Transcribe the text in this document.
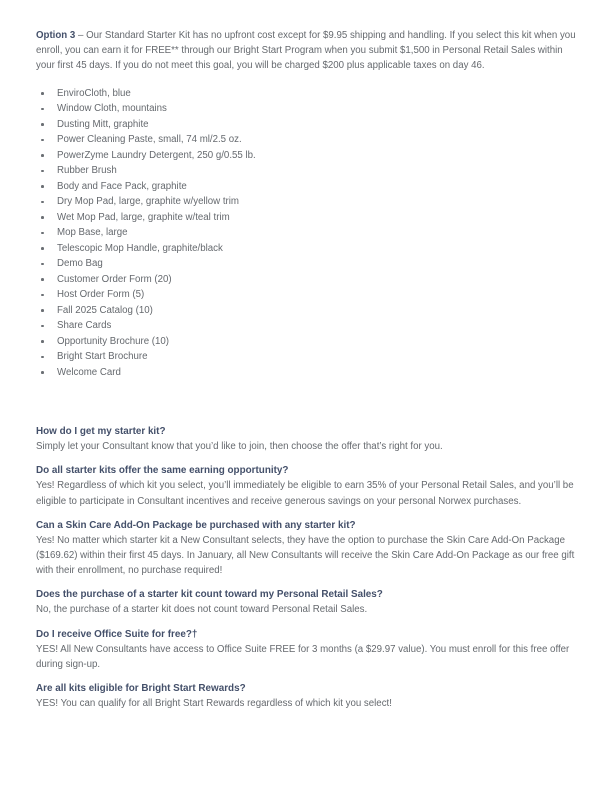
Option 3 – Our Standard Starter Kit has no upfront cost except for $9.95 shipping and handling. If you select this kit when you enroll, you can earn it for FREE** through our Bright Start Program when you submit $1,500 in Personal Retail Sales within your first 45 days. If you do not meet this goal, you will be charged $200 plus applicable taxes on day 46.

EnviroCloth, blue
Window Cloth, mountains
Dusting Mitt, graphite
Power Cleaning Paste, small, 74 ml/2.5 oz.
PowerZyme Laundry Detergent, 250 g/0.55 lb.
Rubber Brush
Body and Face Pack, graphite
Dry Mop Pad, large, graphite w/yellow trim
Wet Mop Pad, large, graphite w/teal trim
Mop Base, large
Telescopic Mop Handle, graphite/black
Demo Bag
Customer Order Form (20)
Host Order Form (5)
Fall 2025 Catalog (10)
Share Cards
Opportunity Brochure (10)
Bright Start Brochure
Welcome Card
How do I get my starter kit?

Simply let your Consultant know that you’d like to join, then choose the offer that’s right for you.

Do all starter kits offer the same earning opportunity?

Yes! Regardless of which kit you select, you’ll immediately be eligible to earn 35% of your Personal Retail Sales, and you’ll be eligible to participate in Consultant incentives and receive generous savings on your personal Norwex purchases.

Can a Skin Care Add-On Package be purchased with any starter kit?

Yes! No matter which starter kit a New Consultant selects, they have the option to purchase the Skin Care Add-On Package ($169.62) within their first 45 days. In January, all New Consultants will receive the Skin Care Add-On Package as our free gift with their enrollment, no purchase required!

Does the purchase of a starter kit count toward my Personal Retail Sales?

No, the purchase of a starter kit does not count toward Personal Retail Sales.

Do I receive Office Suite for free?†

YES! All New Consultants have access to Office Suite FREE for 3 months (a $29.97 value). You must enroll for this free offer during sign-up.

Are all kits eligible for Bright Start Rewards?

YES! You can qualify for all Bright Start Rewards regardless of which kit you select!
